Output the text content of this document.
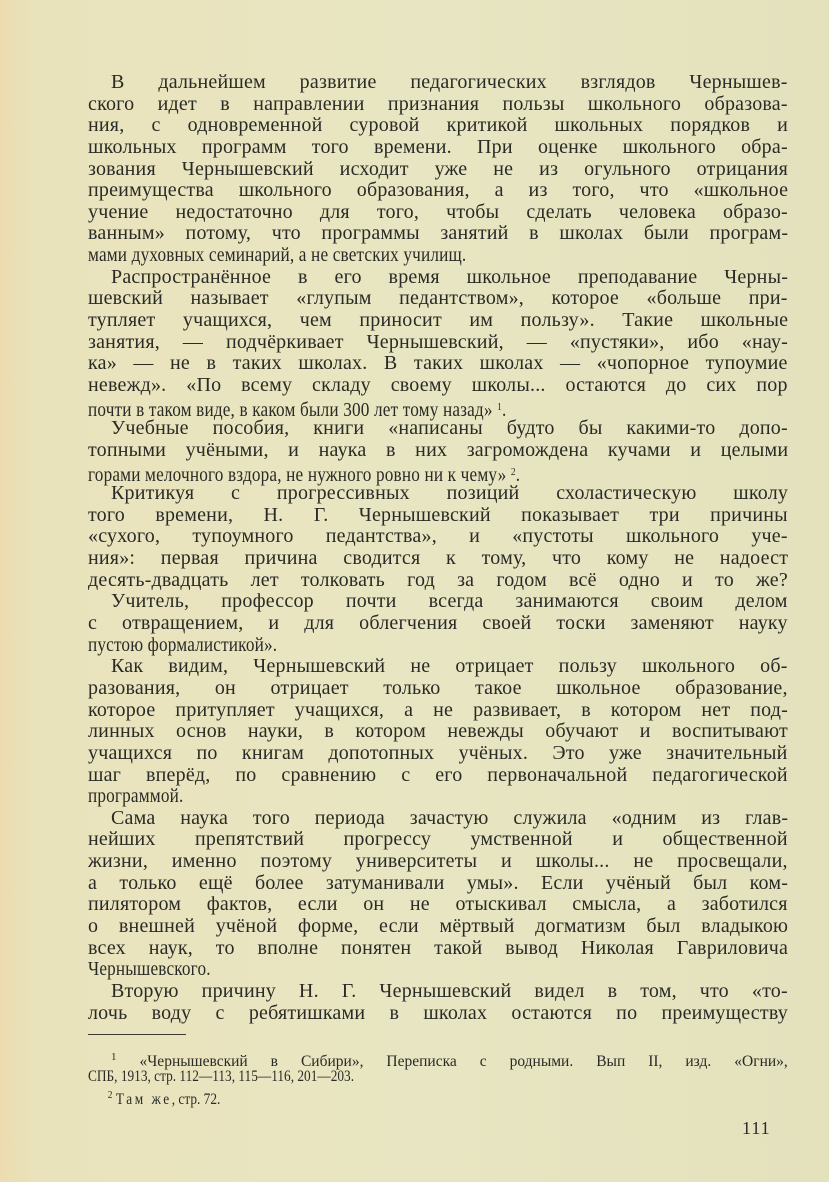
В дальнейшем развитие педагогических взглядов Чернышев-
ского идет в направлении признания пользы школьного образова-
ния, с одновременной суровой критикой школьных порядков и
школьных программ того времени. При оценке школьного обра-
зования Чернышевский исходит уже не из огульного отрицания
преимущества школьного образования, а из того, что «школьное
учение недостаточно для того, чтобы сделать человека образо-
ванным» потому, что программы занятий в школах были програм-
мами духовных семинарий, а не светских училищ.
Распространённое в его время школьное преподавание Черны-
шевский называет «глупым педантством», которое «больше при-
тупляет учащихся, чем приносит им пользу». Такие школьные
занятия, — подчёркивает Чернышевский, — «пустяки», ибо «нау-
ка» — не в таких школах. В таких школах — «чопорное тупоумие
невежд». «По всему складу своему школы... остаются до сих пор
почти в таком виде, в каком были 300 лет тому назад» $^1$.
Учебные пособия, книги «написаны будто бы какими-то допо-
топными учёными, и наука в них загромождена кучами и целыми
горами мелочного вздора, не нужного ровно ни к чему» $^2$.
Критикуя с прогрессивных позиций схоластическую школу
того времени, Н. Г. Чернышевский показывает три причины
«сухого, тупоумного педантства», и «пустоты школьного уче-
ния»: первая причина сводится к тому, что кому не надоест
десять-двадцать лет толковать год за годом всё одно и то же?
Учитель, профессор почти всегда занимаются своим делом
с отвращением, и для облегчения своей тоски заменяют науку
пустою формалистикой».
Как видим, Чернышевский не отрицает пользу школьного об-
разования, он отрицает только такое школьное образование,
которое притупляет учащихся, а не развивает, в котором нет под-
линных основ науки, в котором невежды обучают и воспитывают
учащихся по книгам допотопных учёных. Это уже значительный
шаг вперёд, по сравнению с его первоначальной педагогической
программой.
Сама наука того периода зачастую служила «одним из глав-
нейших препятствий прогрессу умственной и общественной
жизни, именно поэтому университеты и школы... не просвещали,
а только ещё более затуманивали умы». Если учёный был ком-
пилятором фактов, если он не отыскивал смысла, а заботился
о внешней учёной форме, если мёртвый догматизм был владыкою
всех наук, то вполне понятен такой вывод Николая Гавриловича
Чернышевского.
Вторую причину Н. Г. Чернышевский видел в том, что «то-
лочь воду с ребятишками в школах остаются по преимуществу
$^1$ «Чернышевский в Сибири», Переписка с родными. Вып II, изд. «Огни»,
СПБ, 1913, стр. 112—113, 115—116, 201—203.
$^2$ Там же, стр. 72.
111
